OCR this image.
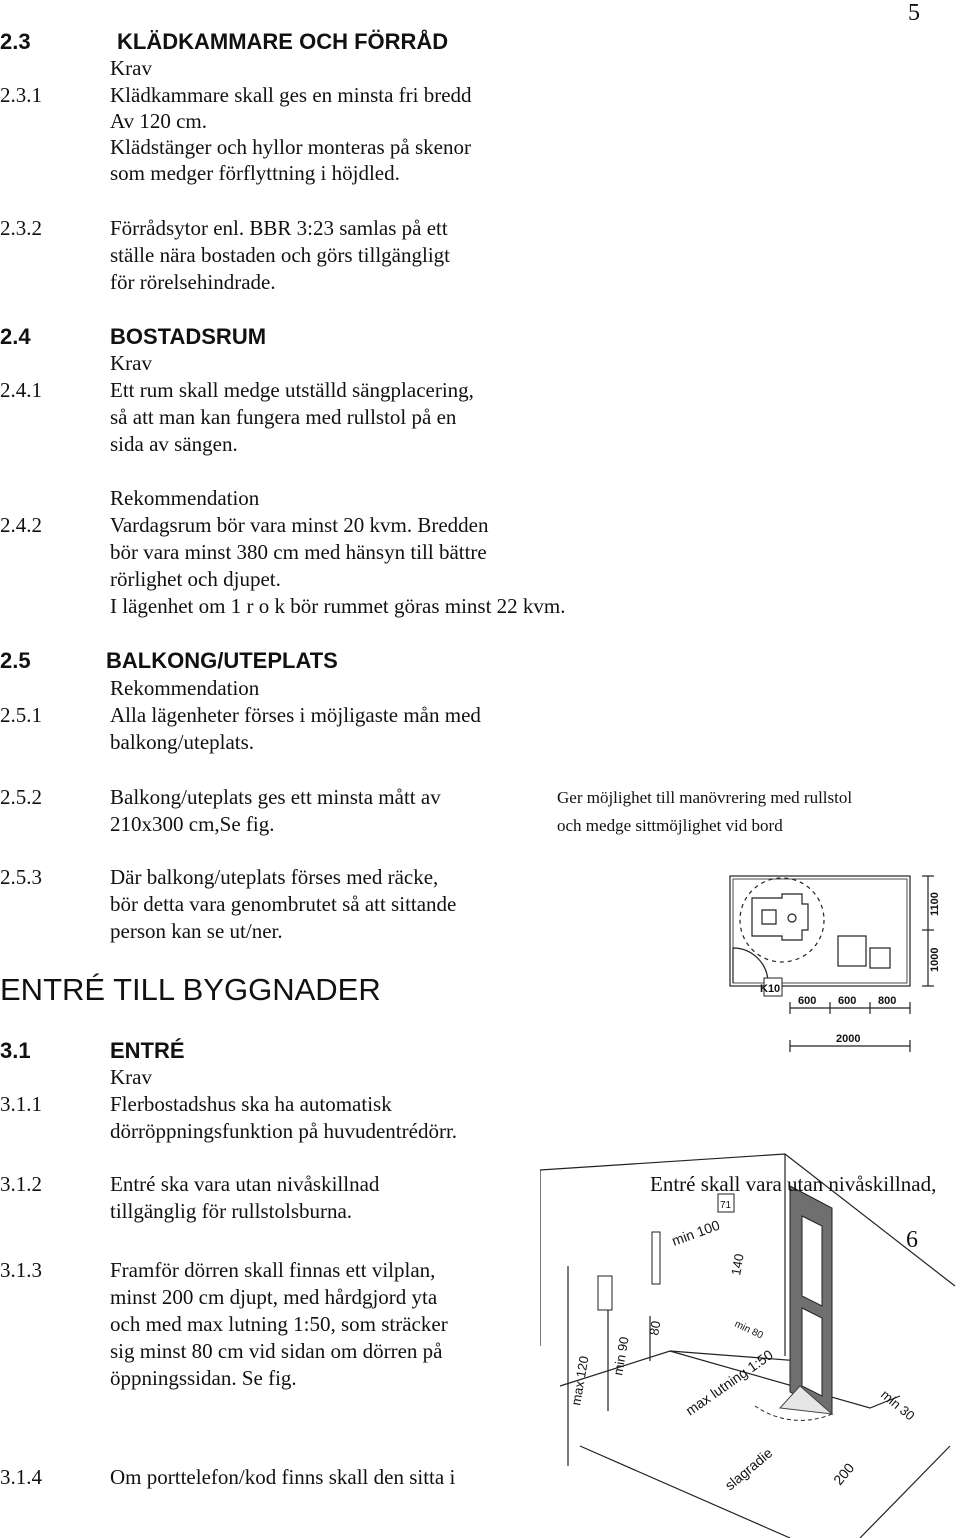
5
2.3	KLÄDKAMMARE OCH FÖRRÅD
Krav
2.3.1	Klädkammare skall ges en minsta fri bredd
Av 120 cm.
Klädstänger och hyllor monteras på skenor
som medger förflyttning i höjdled.
2.3.2	Förrådsytor enl. BBR 3:23 samlas på ett
ställe nära bostaden och görs tillgängligt
för rörelsehindrade.
2.4	BOSTADSRUM
Krav
2.4.1	Ett rum skall medge utställd sängplacering,
så att man kan fungera med rullstol på en
sida av sängen.
Rekommendation
2.4.2	Vardagsrum bör vara minst 20 kvm. Bredden
bör vara minst 380 cm med hänsyn till bättre
rörlighet och djupet.
I lägenhet om 1 r o k bör rummet göras minst 22 kvm.
2.5	BALKONG/UTEPLATS
Rekommendation
2.5.1	Alla lägenheter förses i möjligaste mån med
balkong/uteplats.
2.5.2	Balkong/uteplats ges ett minsta mått av
210x300 cm,Se fig.
Ger möjlighet till manövrering med rullstol
och medge sittmöjlighet vid bord
2.5.3	Där balkong/uteplats förses med räcke,
bör detta vara genombrutet så att sittande
person kan se ut/ner.
K10
600 600 800
2000
1100
1000
ENTRÉ TILL BYGGNADER
3.1	ENTRÉ
Krav
3.1.1	Flerbostadshus ska ha automatisk
dörröppningsfunktion på huvudentrédörr.
3.1.2	Entré ska vara utan nivåskillnad
tillgänglig för rullstolsburna.
3.1.3	Framför dörren skall finnas ett vilplan,
minst 200 cm djupt, med hårdgjord yta
och med max lutning 1:50, som sträcker
sig minst 80 cm vid sidan om dörren på
öppningssidan. Se fig.
3.1.4	Om porttelefon/kod finns skall den sitta i
71
min 100
140
80
min 90
max 120
min 80
max lutning 1:50	min 30
slagradie	200
Entré skall vara utan nivåskillnad,
6
